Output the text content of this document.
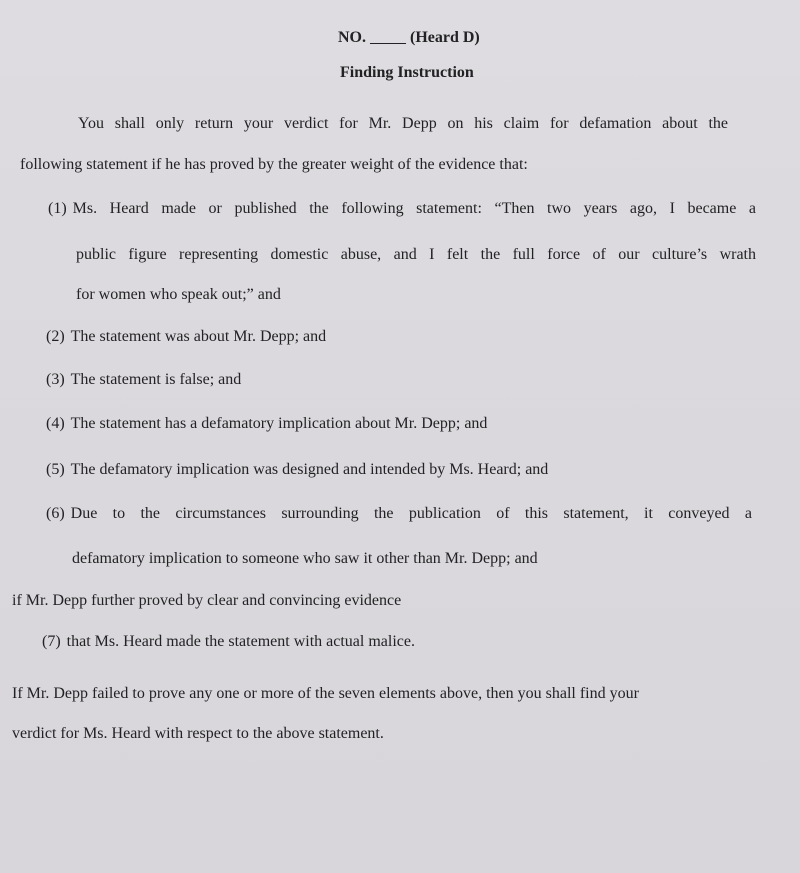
NO.	(Heard D)
Finding Instruction
You shall only return your verdict for Mr. Depp on his claim for defamation about the
following statement if he has proved by the greater weight of the evidence that:
(1) Ms. Heard made or published the following statement: “Then two years ago, I became a
public figure representing domestic abuse, and I felt the full force of our culture’s wrath
for women who speak out;” and
(2) The statement was about Mr. Depp; and
(3) The statement is false; and
(4) The statement has a defamatory implication about Mr. Depp; and
(5) The defamatory implication was designed and intended by Ms. Heard; and
(6) Due to the circumstances surrounding the publication of this statement, it conveyed a
defamatory implication to someone who saw it other than Mr. Depp; and
if Mr. Depp further proved by clear and convincing evidence
(7) that Ms. Heard made the statement with actual malice.
If Mr. Depp failed to prove any one or more of the seven elements above, then you shall find your
verdict for Ms. Heard with respect to the above statement.
